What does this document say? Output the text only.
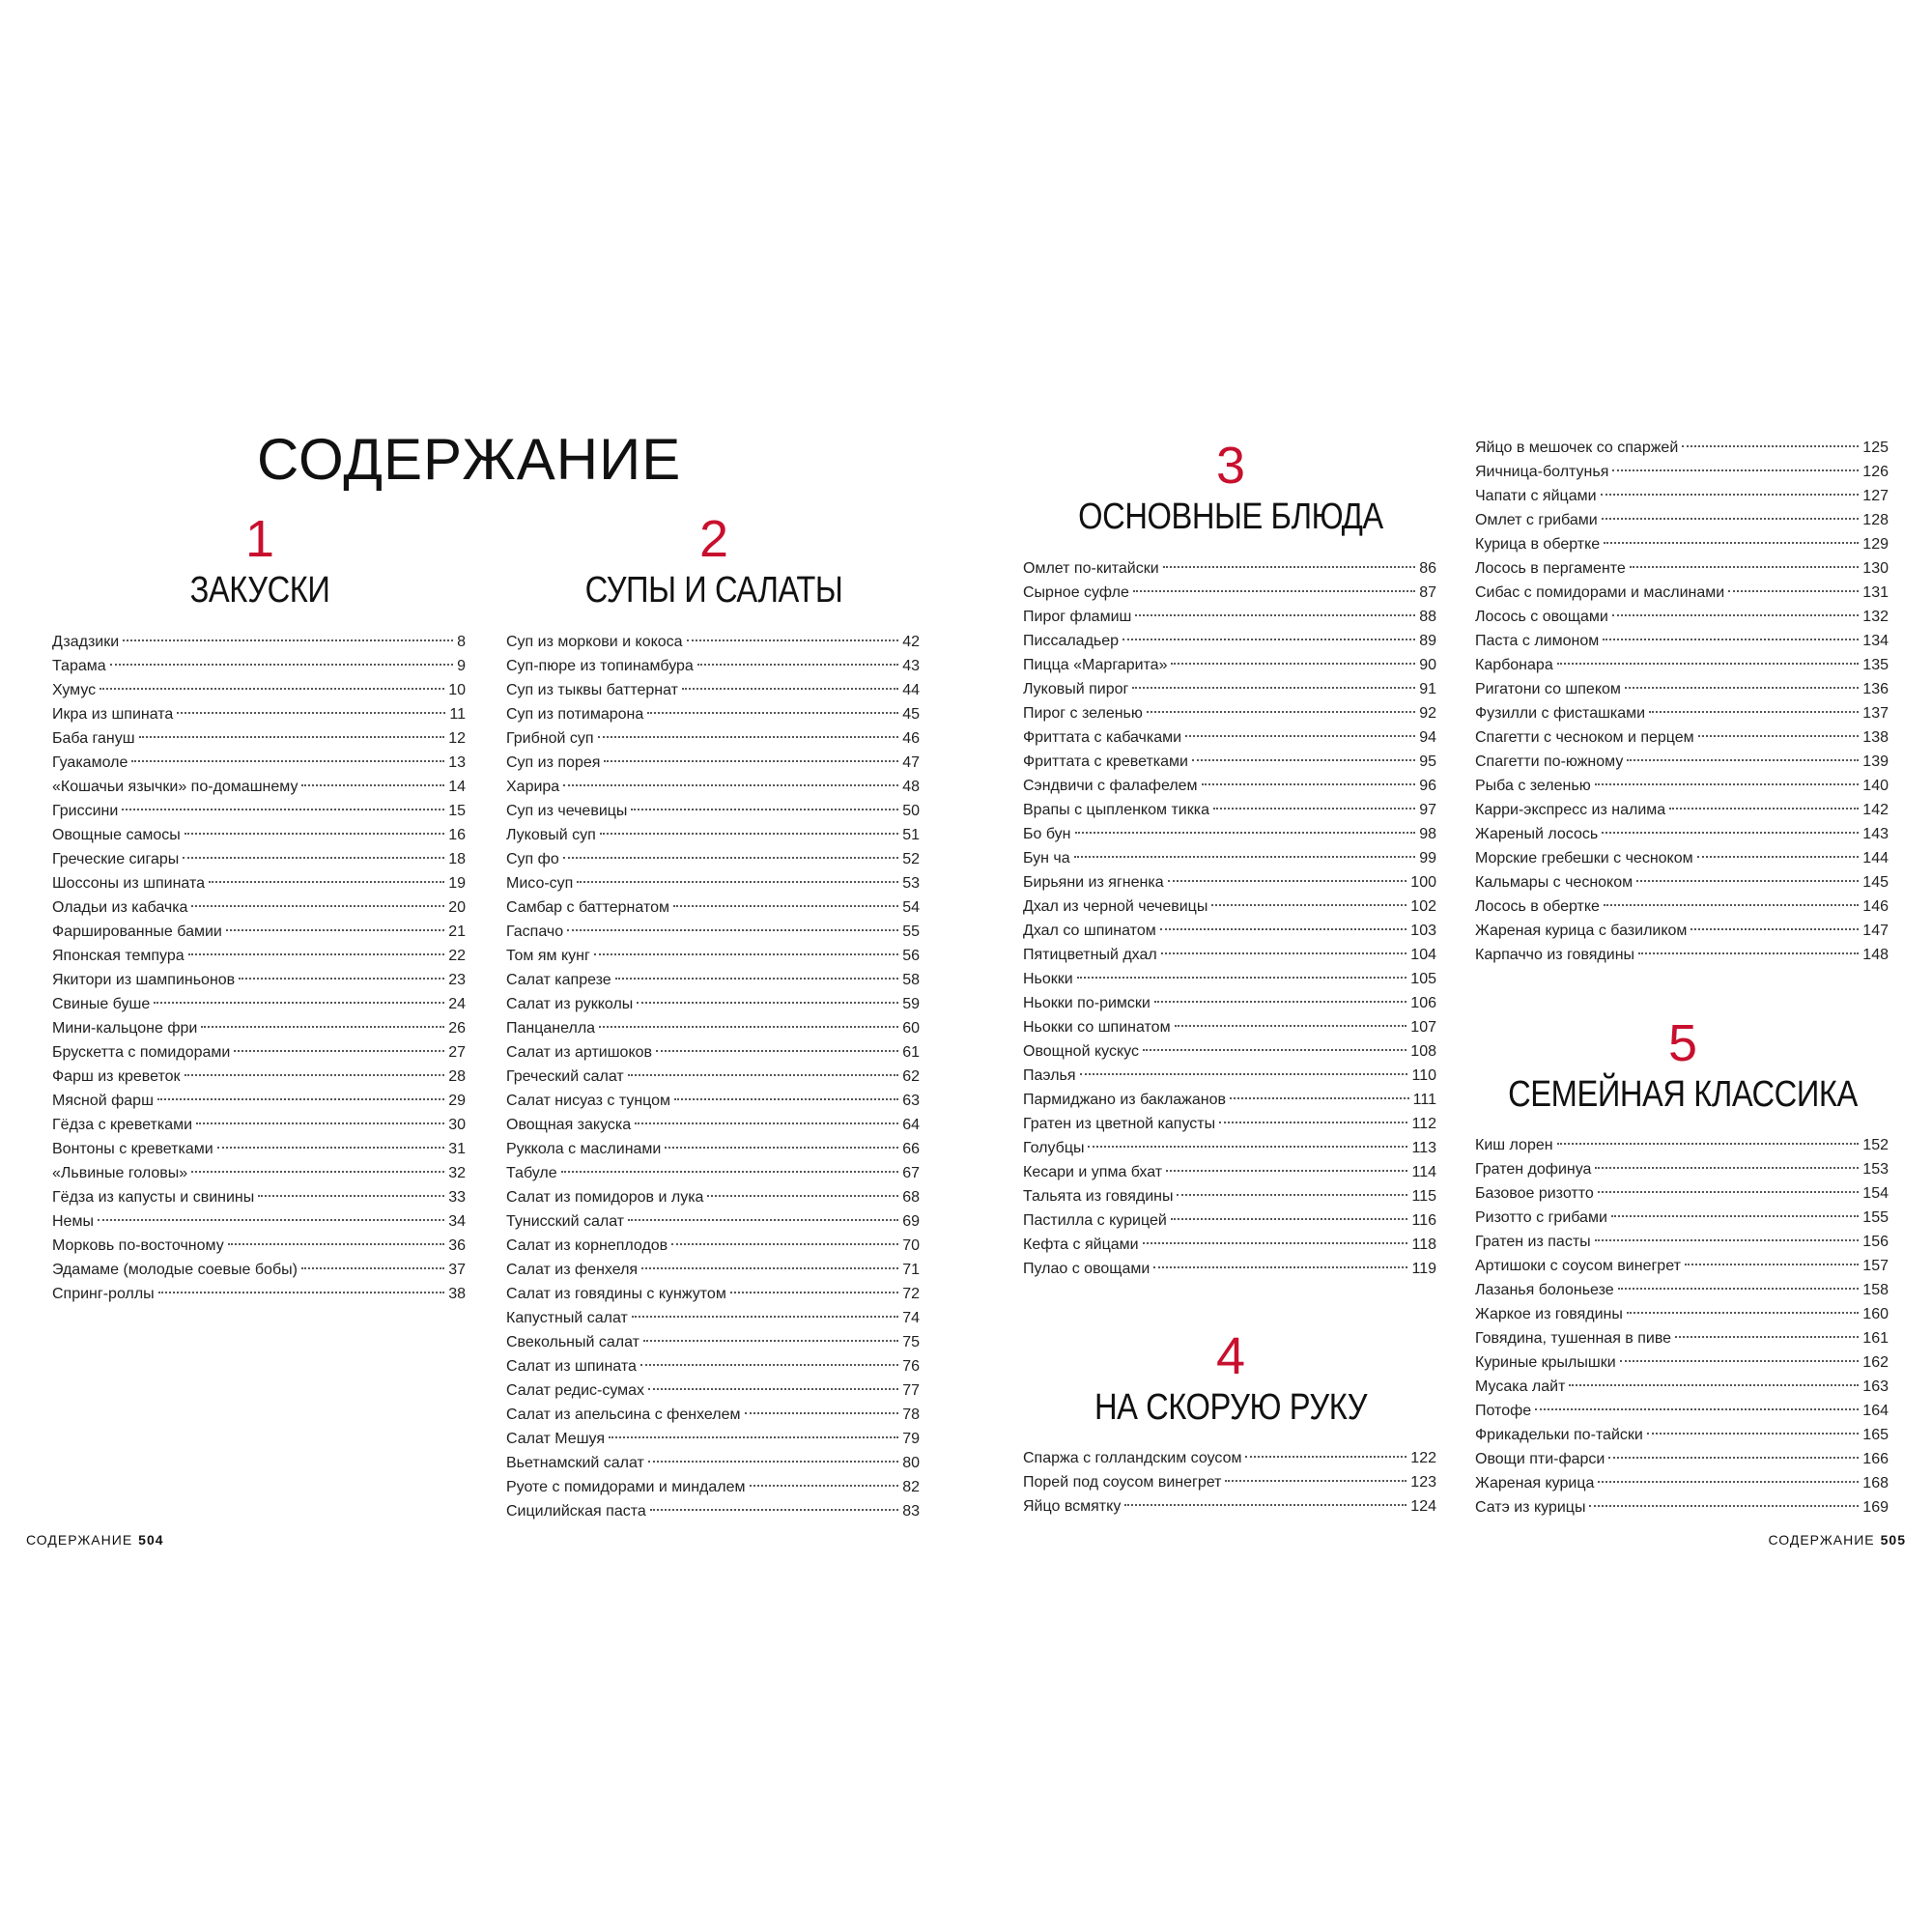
СОДЕРЖАНИЕ
1
ЗАКУСКИ
2
СУПЫ И САЛАТЫ
3
ОСНОВНЫЕ БЛЮДА
4
НА СКОРУЮ РУКУ
5
СЕМЕЙНАЯ КЛАССИКА
Дзадзики	8
Тарама	9
Хумус	10
Икра из шпината	11
Баба гануш	12
Гуакамоле	13
«Кошачьи язычки» по-домашнему	14
Гриссини	15
Овощные самосы	16
Греческие сигары	18
Шоссоны из шпината	19
Оладьи из кабачка	20
Фаршированные бамии	21
Японская темпура	22
Якитори из шампиньонов	23
Свиные буше	24
Мини-кальцоне фри	26
Брускетта с помидорами	27
Фарш из креветок	28
Мясной фарш	29
Гёдза с креветками	30
Вонтоны с креветками	31
«Львиные головы»	32
Гёдза из капусты и свинины	33
Немы	34
Морковь по-восточному	36
Эдамаме (молодые соевые бобы)	37
Спринг-роллы	38
Суп из моркови и кокоса	42
Суп-пюре из топинамбура	43
Суп из тыквы баттернат	44
Суп из потимарона	45
Грибной суп	46
Суп из порея	47
Харира	48
Суп из чечевицы	50
Луковый суп	51
Суп фо	52
Мисо-суп	53
Самбар с баттернатом	54
Гаспачо	55
Том ям кунг	56
Салат капрезе	58
Салат из рукколы	59
Панцанелла	60
Салат из артишоков	61
Греческий салат	62
Салат нисуаз с тунцом	63
Овощная закуска	64
Руккола с маслинами	66
Табуле	67
Салат из помидоров и лука	68
Тунисский салат	69
Салат из корнеплодов	70
Салат из фенхеля	71
Салат из говядины с кунжутом	72
Капустный салат	74
Свекольный салат	75
Салат из шпината	76
Салат редис-сумах	77
Салат из апельсина с фенхелем	78
Салат Мешуя	79
Вьетнамский салат	80
Руоте с помидорами и миндалем	82
Сицилийская паста	83
Омлет по-китайски	86
Сырное суфле	87
Пирог фламиш	88
Писсаладьер	89
Пицца «Маргарита»	90
Луковый пирог	91
Пирог с зеленью	92
Фриттата с кабачками	94
Фриттата с креветками	95
Сэндвичи с фалафелем	96
Врапы с цыпленком тикка	97
Бо бун	98
Бун ча	99
Бирьяни из ягненка	100
Дхал из черной чечевицы	102
Дхал со шпинатом	103
Пятицветный дхал	104
Ньокки	105
Ньокки по-римски	106
Ньокки со шпинатом	107
Овощной кускус	108
Паэлья	110
Пармиджано из баклажанов	111
Гратен из цветной капусты	112
Голубцы	113
Кесари и упма бхат	114
Тальята из говядины	115
Пастилла с курицей	116
Кефта с яйцами	118
Пулао с овощами	119
Спаржа с голландским соусом	122
Порей под соусом винегрет	123
Яйцо всмятку	124
Яйцо в мешочек со спаржей	125
Яичница-болтунья	126
Чапати с яйцами	127
Омлет с грибами	128
Курица в обертке	129
Лосось в пергаменте	130
Сибас с помидорами и маслинами	131
Лосось с овощами	132
Паста с лимоном	134
Карбонара	135
Ригатони со шпеком	136
Фузилли с фисташками	137
Спагетти с чесноком и перцем	138
Спагетти по-южному	139
Рыба с зеленью	140
Карри-экспресс из налима	142
Жареный лосось	143
Морские гребешки с чесноком	144
Кальмары с чесноком	145
Лосось в обертке	146
Жареная курица с базиликом	147
Карпаччо из говядины	148
Киш лорен	152
Гратен дофинуа	153
Базовое ризотто	154
Ризотто с грибами	155
Гратен из пасты	156
Артишоки с соусом винегрет	157
Лазанья болоньезе	158
Жаркое из говядины	160
Говядина, тушенная в пиве	161
Куриные крылышки	162
Мусака лайт	163
Потофе	164
Фрикадельки по-тайски	165
Овощи пти-фарси	166
Жареная курица	168
Сатэ из курицы	169
СОДЕРЖАНИЕ 504	СОДЕРЖАНИЕ 505
